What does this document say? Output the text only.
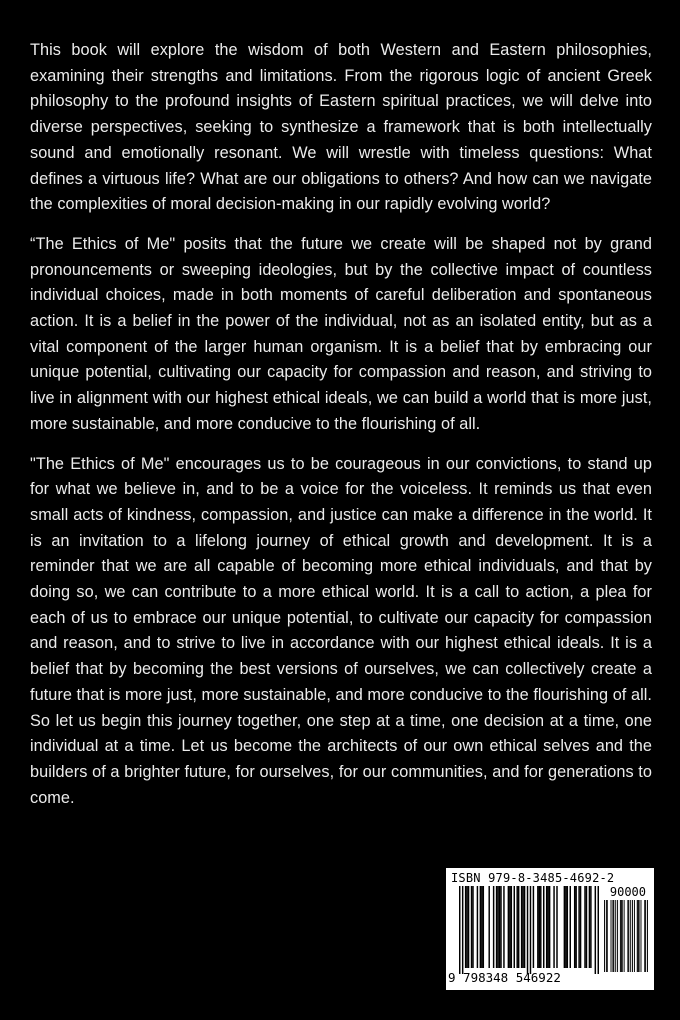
This book will explore the wisdom of both Western and Eastern philosophies, examining their strengths and limitations. From the rigorous logic of ancient Greek philosophy to the profound insights of Eastern spiritual practices, we will delve into diverse perspectives, seeking to synthesize a framework that is both intellectually sound and emotionally resonant. We will wrestle with timeless questions: What defines a virtuous life? What are our obligations to others? And how can we navigate the complexities of moral decision-making in our rapidly evolving world?

“The Ethics of Me" posits that the future we create will be shaped not by grand pronouncements or sweeping ideologies, but by the collective impact of countless individual choices, made in both moments of careful deliberation and spontaneous action. It is a belief in the power of the individual, not as an isolated entity, but as a vital component of the larger human organism. It is a belief that by embracing our unique potential, cultivating our capacity for compassion and reason, and striving to live in alignment with our highest ethical ideals, we can build a world that is more just, more sustainable, and more conducive to the flourishing of all.

"The Ethics of Me" encourages us to be courageous in our convictions, to stand up for what we believe in, and to be a voice for the voiceless. It reminds us that even small acts of kindness, compassion, and justice can make a difference in the world. It is an invitation to a lifelong journey of ethical growth and development. It is a reminder that we are all capable of becoming more ethical individuals, and that by doing so, we can contribute to a more ethical world. It is a call to action, a plea for each of us to embrace our unique potential, to cultivate our capacity for compassion and reason, and to strive to live in accordance with our highest ethical ideals. It is a belief that by becoming the best versions of ourselves, we can collectively create a future that is more just, more sustainable, and more conducive to the flourishing of all. So let us begin this journey together, one step at a time, one decision at a time, one individual at a time. Let us become the architects of our own ethical selves and the builders of a brighter future, for ourselves, for our communities, and for generations to come.

ISBN 979-8-3485-4692-2
90000
9 798348 546922
